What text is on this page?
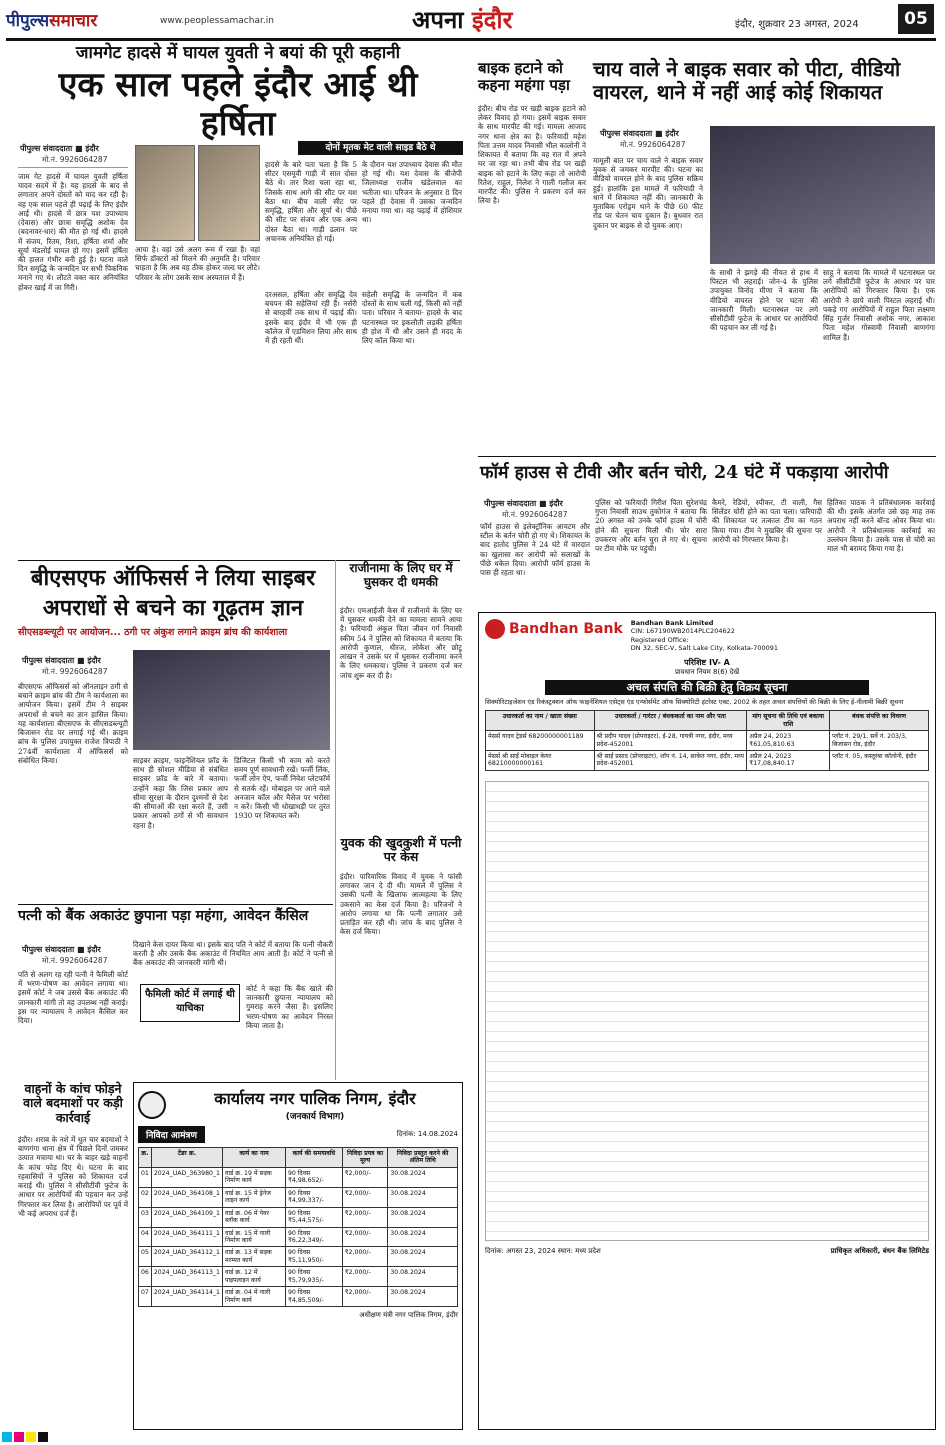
पीपुल्ससमाचार	www.peoplessamachar.in	अपना इंदौर	इंदौर, शुक्रवार 23 अगस्त, 2024	05
जामगेट हादसे में घायल युवती ने बयां की पूरी कहानी
एक साल पहले इंदौर आई थी हर्षिता
पीपुल्स संवाददाता ■ इंदौर
मो.नं. 9926064287
जाम गेट हादसे में घायल युवती हर्षिता यादव सदमे में है। यह हादसे के बाद से लगातार अपने दोस्तों को याद कर रही है। वह एक साल पहले ही पढ़ाई के लिए इंदौर आई थी। हादसे में छात्र यश उपाध्याय (देवास) और छात्रा समृद्धि अशोक देव (बदनावर-धार) की मौत हो गई थी। हादसे में संजय, रितम, रिशा, हर्षिता शर्मा और सूर्या मंडलोई घायल हो गए। इसमें हर्षिता की हालत गंभीर बनी हुई है। घटना वाले दिन समृद्धि के जन्मदिन पर सभी पिकनिक मनाने गए थे। लौटते वक्त कार अनियंत्रित होकर खाई में जा गिरी।
आया है। वहां उसे अलग रूम में रखा है। वहां सिर्फ डॉक्टरों को मिलने की अनुमति है। परिवार चाहता है कि अब वह ठीक होकर जल्द घर लौटे। परिवार के लोग उसके साथ अस्पताल में हैं।
दोनों मृतक मेट वाली साइड बैठे थे
हादसे के बारे पता चला है कि 5 सीटर एसयूवी गाड़ी में सात दोस्त बैठे थे। तार रिशा चला रहा था, जिसके साथ आगे की सीट पर यश बैठा था। बीच वाली सीट पर समृद्धि, हर्षिता और सूर्या थे। पीछे की सीट पर संजय और एक अन्य दोस्त बैठा था। गाड़ी ढलान पर अचानक अनियंत्रित हो गई।
के दौरान यश उपाध्याय देवास की मौत हो गई थी। यश देवास के बीजेपी जिलाध्यक्ष राजीव खंडेलवाल का भतीजा था। परिजन के अनुसार 8 दिन पहले ही देवास में उसका जन्मदिन मनाया गया था। वह पढ़ाई में होशियार था।
दरअसल, हर्षिता और समृद्धि देव बचपन की सहेलियां रही हैं। नर्सरी से बारहवीं तक साथ में पढ़ाई की। इसके बाद इंदौर में भी एक ही कॉलेज में एडमिशन लिया और साथ में ही रहती थीं।
सहेली समृद्धि के जन्मदिन में कब दोस्तों के साथ चली गई, किसी को नहीं पता। परिवार ने बताया- हादसे के बाद घटनास्थल पर इकलौती लड़की हर्षिता ही होश में थी और उसने ही मदद के लिए कॉल किया था।
बाइक हटाने को कहना महंगा पड़ा
इंदौर। बीच रोड पर खड़ी बाइक हटाने को लेकर विवाद हो गया। इसमें बाइक सवार के साथ मारपीट की गई। मामला आजाद नगर थाना क्षेत्र का है। फरियादी महेश पिता उत्तम यादव निवासी भील कालोनी ने शिकायत में बताया कि वह रात में अपने घर जा रहा था। तभी बीच रोड पर खड़ी बाइक को हटाने के लिए कहा तो आरोपी रितेश, राहुल, निलेश ने गाली गलौज कर मारपीट की। पुलिस ने प्रकरण दर्ज कर लिया है।
चाय वाले ने बाइक सवार को पीटा, वीडियो वायरल, थाने में नहीं आई कोई शिकायत
पीपुल्स संवाददाता ■ इंदौर
मो.नं. 9926064287
मामूली बात पर चाय वाले ने बाइक सवार युवक से जमकर मारपीट की। घटना का वीडियो वायरल होने के बाद पुलिस सक्रिय हुई। हालांकि इस मामले में फरियादी ने थाने में शिकायत नहीं की। जानकारी के मुताबिक एरोड्रम थाने के पीछे 60 फीट रोड पर चेतन चाय दुकान है। बुधवार रात दुकान पर बाइक से दो युवक आए।
के साथी ने झगड़े की नीयत से हाथ में पिस्टल भी लहराई। जोन-4 के पुलिस उपायुक्त विनोद मीणा ने बताया कि वीडियो वायरल होने पर घटना की जानकारी मिली। घटनास्थल पर लगे सीसीटीवी फुटेज के आधार पर आरोपियों की पहचान कर ली गई है।
साहू ने बताया कि मामले में घटनास्थल पर लगे सीसीटीवी फुटेज के आधार पर चार आरोपियों को गिरफ्तार किया है। एक आरोपी ने छापे वाली पिस्टल लहराई थी। पकड़े गए आरोपियों में राहुल पिता लक्ष्मण सिंह गुर्जर निवासी अशोक नगर, आकाश पिता महेश गोस्वामी निवासी बाणगंगा शामिल हैं।
फॉर्म हाउस से टीवी और बर्तन चोरी, 24 घंटे में पकड़ाया आरोपी
पीपुल्स संवाददाता ■ इंदौर
मो.नं. 9926064287
फॉर्म हाउस से इलेक्ट्रॉनिक आयटम और स्टील के बर्तन चोरी हो गए थे। शिकायत के बाद हातोद पुलिस ने 24 घंटे में वारदात का खुलासा कर आरोपी को सलाखों के पीछे धकेल दिया। आरोपी फॉर्म हाउस के पास ही रहता था।
पुलिस को फरियादी गिरीश पिता सुरेशचंद्र गुप्ता निवासी साउथ तुकोगंज ने बताया कि 20 अगस्त को उनके फॉर्म हाउस में चोरी होने की सूचना मिली थी। चोर सारा उपकरण और बर्तन चुरा ले गए थे। सूचना पर टीम मौके पर पहुंची।
कैमरे, रेडियो, स्पीकर, टी वाली, गैस सिलेंडर चोरी होने का पता चला। फरियादी की शिकायत पर तत्काल टीम का गठन किया गया। टीम ने मुखबिर की सूचना पर आरोपी को गिरफ्तार किया है।
हितिका पाठक ने प्रतिबंधात्मक कार्रवाई की थी। इसके अंतर्गत उसे छह माह तक अपराध नहीं करने बॉन्ड ओवर किया था। आरोपी ने प्रतिबंधात्मक कार्रवाई का उल्लंघन किया है। उसके पास से चोरी का माल भी बरामद किया गया है।
बीएसएफ ऑफिसर्स ने लिया साइबर
अपराधों से बचने का गूढ़तम ज्ञान
सीएसडब्ल्यूटी पर आयोजन... ठगी पर अंकुश लगाने क्राइम ब्रांच की कार्यशाला
पीपुल्स संवाददाता ■ इंदौर
मो.नं. 9926064287
बीएसएफ ऑफिसर्स को ऑनलाइन ठगी से बचाने क्राइम ब्रांच की टीम ने कार्यशाला का आयोजन किया। इसमें टीम ने साइबर अपराधों से बचने का ज्ञान हासिल किया। यह कार्यशाला बीएसएफ के सीएसडब्ल्यूटी बिजासन रोड पर लगाई गई थी। क्राइम ब्रांच के पुलिस उपायुक्त राजेश त्रिपाठी ने 274वीं कार्यशाला में ऑफिसर्स को संबोधित किया।	साइबर क्राइम, फाइनेंशियल फ्रॉड के साथ ही सोशल मीडिया से संबंधित साइबर फ्रॉड के बारे में बताया। उन्होंने कहा कि जिस प्रकार आप सीमा सुरक्षा के दौरान दुश्मनों से देश की सीमाओं की रक्षा करते हैं, उसी प्रकार आपको ठगों से भी सावधान रहना है।
डिजिटल किसी भी काम को करते समय पूर्ण सावधानी रखें। फर्जी लिंक, फर्जी लोन ऐप, फर्जी निवेश प्लेटफॉर्म से सतर्क रहें। मोबाइल पर आने वाले अनजान कॉल और मैसेज पर भरोसा न करें। किसी भी धोखाधड़ी पर तुरंत 1930 पर शिकायत करें।
राजीनामा के लिए घर में घुसकर दी धमकी
इंदौर। एमआईजी केस में राजीनामे के लिए घर में घुसकर धमकी देने का मामला सामने आया है। फरियादी अंकुल पिता जीवन गर्ग निवासी स्कीम 54 ने पुलिस को शिकायत में बताया कि आरोपी कुणाल, धीरज, लोकेश और छोटू लाखन ने उसके घर में घुसकर राजीनामा करने के लिए धमकाया। पुलिस ने प्रकरण दर्ज कर जांच शुरू कर दी है।
युवक की खुदकुशी में पत्नी पर केस
इंदौर। पारिवारिक विवाद में युवक ने फांसी लगाकर जान दे दी थी। मामले में पुलिस ने उसकी पत्नी के खिलाफ आत्महत्या के लिए उकसाने का केस दर्ज किया है। परिजनों ने आरोप लगाया था कि पत्नी लगातार उसे प्रताड़ित कर रही थी। जांच के बाद पुलिस ने केस दर्ज किया।
पत्नी को बैंक अकाउंट छुपाना पड़ा महंगा, आवेदन कैंसिल
पीपुल्स संवाददाता ■ इंदौर
मो.नं. 9926064287
पति से अलग रह रही पत्नी ने फैमिली कोर्ट में भरण-पोषण का आवेदन लगाया था। इसमें कोर्ट ने जब उससे बैंक अकाउंट की जानकारी मांगी तो वह उपलब्ध नहीं कराई। इस पर न्यायालय ने आवेदन कैंसिल कर दिया।
दिखाने केस दायर किया था। इसके बाद पति ने कोर्ट में बताया कि पत्नी नौकरी करती है और उसके बैंक अकाउंट में नियमित आय आती है। कोर्ट ने पत्नी से बैंक अकाउंट की जानकारी मांगी थी।
फैमिली कोर्ट में लगाई थी याचिका
कोर्ट ने कहा कि बैंक खाते की जानकारी छुपाना न्यायालय को गुमराह करने जैसा है। इसलिए भरण-पोषण का आवेदन निरस्त किया जाता है।
वाहनों के कांच फोड़ने वाले बदमाशों पर कड़ी कार्रवाई
इंदौर। शराब के नशे में धुत चार बदमाशों ने बाणगंगा थाना क्षेत्र में पिछले दिनों जमकर उत्पात मचाया था। घर के बाहर खड़े वाहनों के कांच फोड़ दिए थे। घटना के बाद रहवासियों ने पुलिस को शिकायत दर्ज कराई थी। पुलिस ने सीसीटीवी फुटेज के आधार पर आरोपियों की पहचान कर उन्हें गिरफ्तार कर लिया है। आरोपियों पर पूर्व में भी कई अपराध दर्ज हैं।
कार्यालय नगर पालिक निगम, इंदौर
(जनकार्य विभाग)
निविदा आमंत्रण	दिनांक: 14.08.2024
क्र.	टेंडर क्र.	कार्य का नाम	कार्य की समयावधि	निविदा प्रपत्र का मूल्य	निविदा प्रस्तुत करने की अंतिम तिथि
01	2024_UAD_363980_1	वार्ड क्र. 19 में सड़क निर्माण कार्य	90 दिवस ₹4,98,652/-	₹2,000/-	30.08.2024
02	2024_UAD_364108_1	वार्ड क्र. 15 में ड्रेनेज लाइन कार्य	90 दिवस ₹4,99,337/-	₹2,000/-	30.08.2024
03	2024_UAD_364109_1	वार्ड क्र. 06 में पेवर ब्लॉक कार्य	90 दिवस ₹5,44,575/-	₹2,000/-	30.08.2024
04	2024_UAD_364111_1	वार्ड क्र. 15 में नाली निर्माण कार्य	90 दिवस ₹6,22,349/-	₹2,000/-	30.08.2024
05	2024_UAD_364112_1	वार्ड क्र. 13 में सड़क मरम्मत कार्य	90 दिवस ₹5,11,950/-	₹2,000/-	30.08.2024
06	2024_UAD_364113_1	वार्ड क्र. 12 में पाइपलाइन कार्य	90 दिवस ₹5,79,935/-	₹2,000/-	30.08.2024
07	2024_UAD_364114_1	वार्ड क्र. 04 में नाली निर्माण कार्य	90 दिवस ₹4,85,509/-	₹2,000/-	30.08.2024
अधीक्षण यंत्री नगर पालिक निगम, इंदौर
Bandhan Bank Bandhan Bank Limited
CIN: L67190WB2014PLC204622
Registered Office:
DN 32, SEC-V, Salt Lake City, Kolkata-700091
परिशिष्ट IV- A
प्रावधान नियम 8(6) देखें
अचल संपत्ति की बिक्री हेतु विक्रय सूचना
सिक्योरिटाइजेशन एंड रिकंस्ट्रक्शन ऑफ फाइनेंशियल एसेट्स एंड एन्फोर्समेंट ऑफ सिक्योरिटी इंटरेस्ट एक्ट, 2002 के तहत अचल संपत्तियों की बिक्री के लिए ई-नीलामी बिक्री सूचना
उधारकर्ता का नाम / खाता संख्या	उधारकर्ता / गारंटर / बंधककर्ता का नाम और पता	मांग सूचना की तिथि एवं बकाया राशि	बंधक संपत्ति का विवरण
मेसर्स यादव ट्रेडर्स 68200000001189	श्री प्रदीप यादव (प्रोपराइटर), ई-28, गायत्री नगर, इंदौर, मध्य प्रदेश-452001	अप्रैल 24, 2023 ₹61,05,810.63	प्लॉट नं. 29/1, सर्वे नं. 203/3, बिजासन रोड, इंदौर
मेसर्स श्री साईं मोबाइल केयर 68210000000161	श्री साईं प्रसाद (प्रोपराइटर), शॉप नं. 14, साकेत नगर, इंदौर, मध्य प्रदेश-452001	अप्रैल 24, 2023 ₹17,08,840.17	प्लॉट नं. 05, कस्तूरबा कॉलोनी, इंदौर
दिनांक: अगस्त 23, 2024 स्थान: मध्य प्रदेश	प्राधिकृत अधिकारी, बंधन बैंक लिमिटेड
